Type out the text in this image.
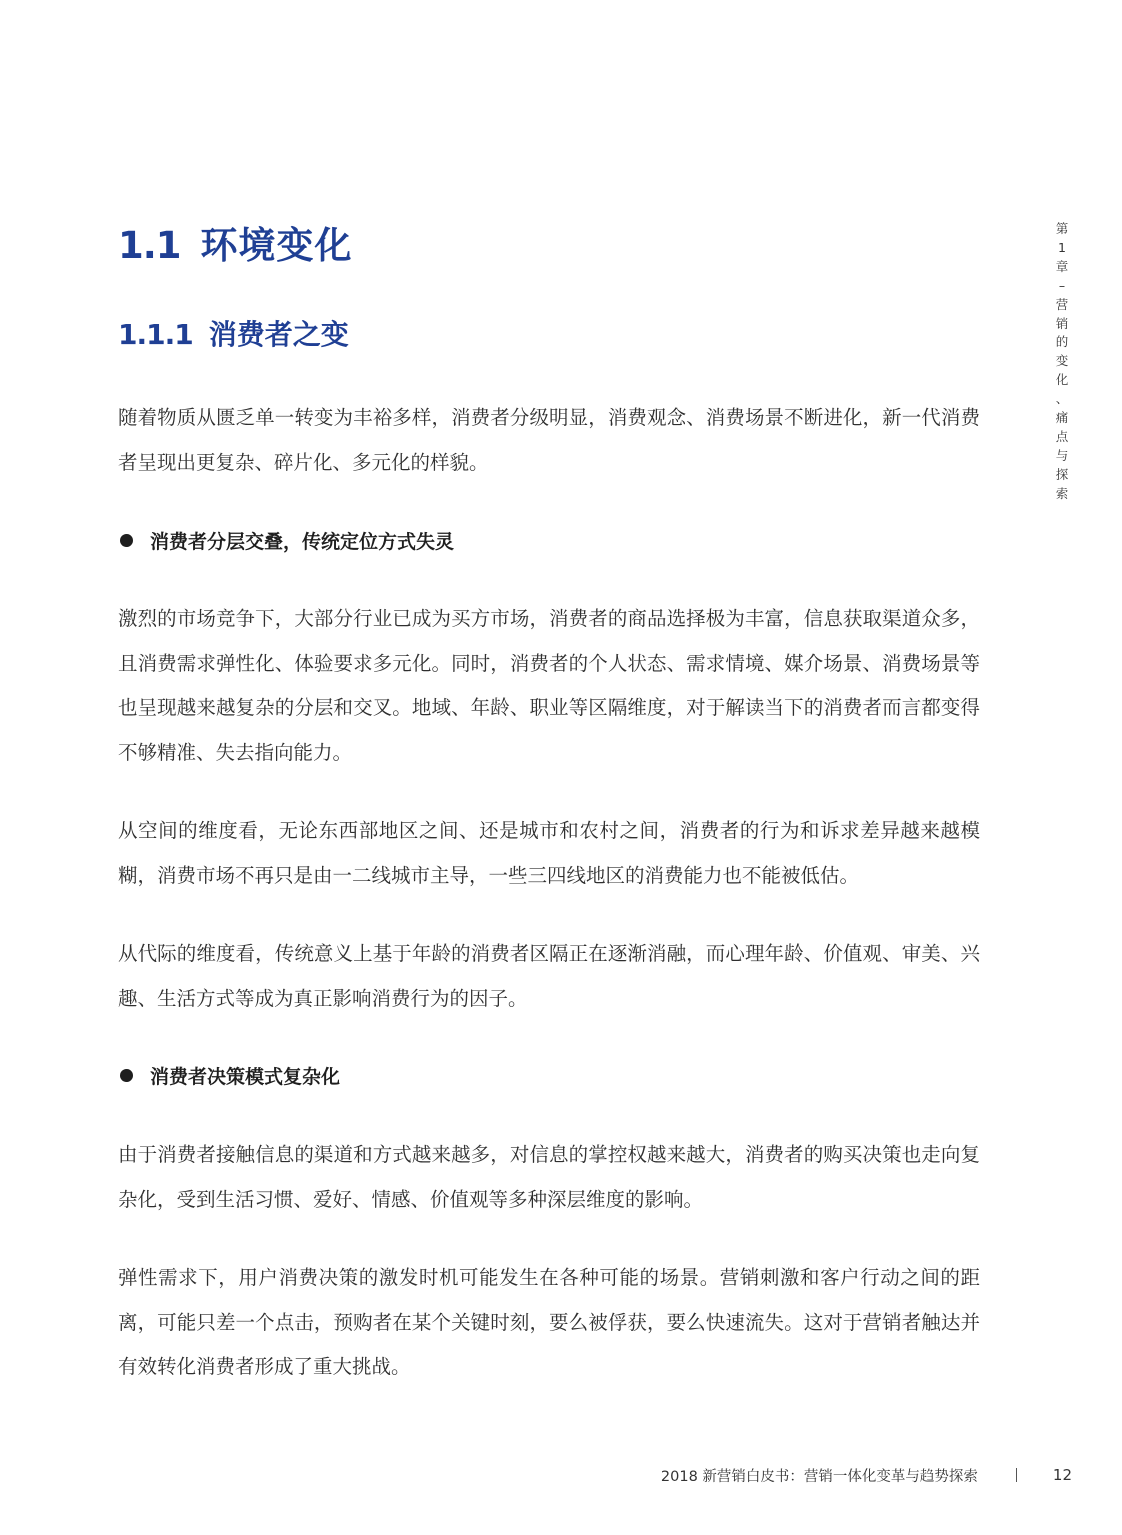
1.1 环境变化
1.1.1 消费者之变

随着物质从匮乏单一转变为丰裕多样，消费者分级明显，消费观念、消费场景不断进化，新一代消费者呈现出更复杂、碎片化、多元化的样貌。

消费者分层交叠，传统定位方式失灵

激烈的市场竞争下，大部分行业已成为买方市场，消费者的商品选择极为丰富，信息获取渠道众多，且消费需求弹性化、体验要求多元化。同时，消费者的个人状态、需求情境、媒介场景、消费场景等也呈现越来越复杂的分层和交叉。地域、年龄、职业等区隔维度，对于解读当下的消费者而言都变得不够精准、失去指向能力。

从空间的维度看，无论东西部地区之间、还是城市和农村之间，消费者的行为和诉求差异越来越模糊，消费市场不再只是由一二线城市主导，一些三四线地区的消费能力也不能被低估。

从代际的维度看，传统意义上基于年龄的消费者区隔正在逐渐消融，而心理年龄、价值观、审美、兴趣、生活方式等成为真正影响消费行为的因子。

消费者决策模式复杂化

由于消费者接触信息的渠道和方式越来越多，对信息的掌控权越来越大，消费者的购买决策也走向复杂化，受到生活习惯、爱好、情感、价值观等多种深层维度的影响。

弹性需求下，用户消费决策的激发时机可能发生在各种可能的场景。营销刺激和客户行动之间的距离，可能只差一个点击，预购者在某个关键时刻，要么被俘获，要么快速流失。这对于营销者触达并有效转化消费者形成了重大挑战。

第
1
章
–
营
销
的
变
化
、
痛
点
与
探
索
2018 新营销白皮书：营销一体化变革与趋势探索	12
